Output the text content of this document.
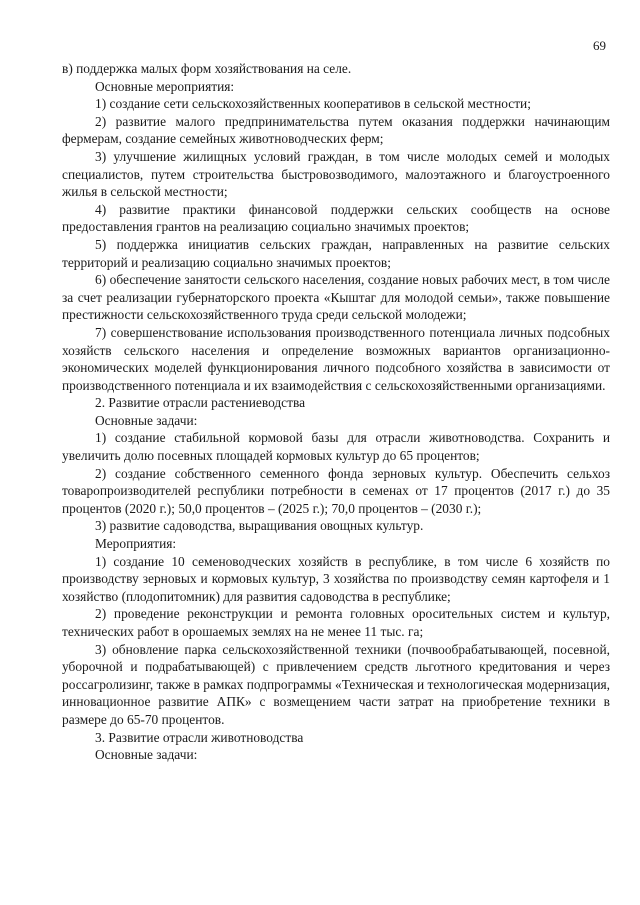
69

в) поддержка малых форм хозяйствования на селе.

Основные мероприятия:

1) создание сети сельскохозяйственных кооперативов в сельской местности;

2) развитие малого предпринимательства путем оказания поддержки начинающим фермерам, создание семейных животноводческих ферм;

3) улучшение жилищных условий граждан, в том числе молодых семей и молодых специалистов, путем строительства быстровозводимого, малоэтажного и благоустроенного жилья в сельской местности;

4) развитие практики финансовой поддержки сельских сообществ на основе предоставления грантов на реализацию социально значимых проектов;

5) поддержка инициатив сельских граждан, направленных на развитие сельских территорий и реализацию социально значимых проектов;

6) обеспечение занятости сельского населения, создание новых рабочих мест, в том числе за счет реализации губернаторского проекта «Кыштаг для молодой семьи», также повышение престижности сельскохозяйственного труда среди сельской молодежи;

7) совершенствование использования производственного потенциала личных подсобных хозяйств сельского населения и определение возможных вариантов организационно-экономических моделей функционирования личного подсобного хозяйства в зависимости от производственного потенциала и их взаимодействия с сельскохозяйственными организациями.

2. Развитие отрасли растениеводства

Основные задачи:

1) создание стабильной кормовой базы для отрасли животноводства. Сохранить и увеличить долю посевных площадей кормовых культур до 65 процентов;

2) создание собственного семенного фонда зерновых культур. Обеспечить сельхоз товаропроизводителей республики потребности в семенах от 17 процентов (2017 г.) до 35 процентов (2020 г.); 50,0 процентов – (2025 г.); 70,0 процентов – (2030 г.);

3) развитие садоводства, выращивания овощных культур.

Мероприятия:

1) создание 10 семеноводческих хозяйств в республике, в том числе 6 хозяйств по производству зерновых и кормовых культур, 3 хозяйства по производству семян картофеля и 1 хозяйство (плодопитомник) для развития садоводства в республике;

2) проведение реконструкции и ремонта головных оросительных систем и культур, технических работ в орошаемых землях на не менее 11 тыс. га;

3) обновление парка сельскохозяйственной техники (почвообрабатывающей, посевной, уборочной и подрабатывающей) с привлечением средств льготного кредитования и через россагролизинг, также в рамках подпрограммы «Техническая и технологическая модернизация, инновационное развитие АПК» с возмещением части затрат на приобретение техники в размере до 65-70 процентов.

3. Развитие отрасли животноводства

Основные задачи:
